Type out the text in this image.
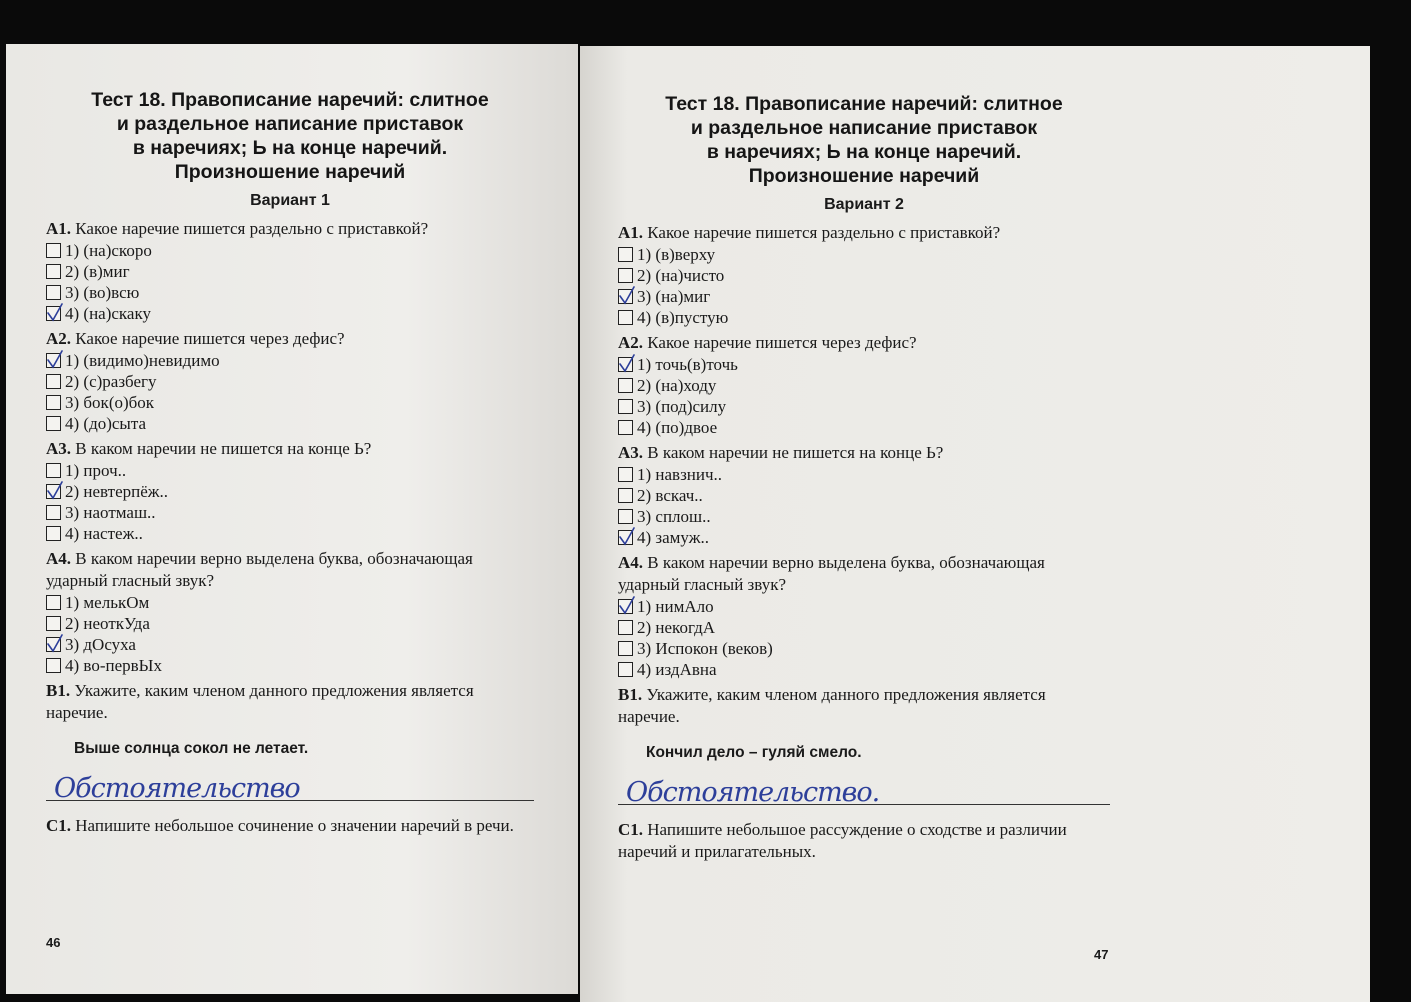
Тест 18. Правописание наречий: слитное
и раздельное написание приставок
в наречиях; Ь на конце наречий.
Произношение наречий
Вариант 1

А1. Какое наречие пишется раздельно с приставкой?

1) (на)скоро
2) (в)миг
3) (во)всю
4) (на)скаку

А2. Какое наречие пишется через дефис?

1) (видимо)невидимо
2) (с)разбегу
3) бок(о)бок
4) (до)сыта

А3. В каком наречии не пишется на конце Ь?

1) проч..
2) невтерпёж..
3) наотмаш..
4) настеж..

А4. В каком наречии верно выделена буква, обозначающая ударный гласный звук?

1) мелькОм
2) неоткУда
3) дОсуха
4) во-первЫх

В1. Укажите, каким членом данного предложения является наречие.

Выше солнца сокол не летает.
Обстоятельство

С1. Напишите небольшое сочинение о значении наречий в речи.

46
Тест 18. Правописание наречий: слитное
и раздельное написание приставок
в наречиях; Ь на конце наречий.
Произношение наречий
Вариант 2

А1. Какое наречие пишется раздельно с приставкой?

1) (в)верху
2) (на)чисто
3) (на)миг
4) (в)пустую

А2. Какое наречие пишется через дефис?

1) точь(в)точь
2) (на)ходу
3) (под)силу
4) (по)двое

А3. В каком наречии не пишется на конце Ь?

1) навзнич..
2) вскач..
3) сплош..
4) замуж..

А4. В каком наречии верно выделена буква, обозначающая ударный гласный звук?

1) нимАло
2) некогдА
3) Испокон (веков)
4) издАвна

В1. Укажите, каким членом данного предложения является наречие.

Кончил дело – гуляй смело.
Обстоятельство.

С1. Напишите небольшое рассуждение о сходстве и различии наречий и прилагательных.

47
